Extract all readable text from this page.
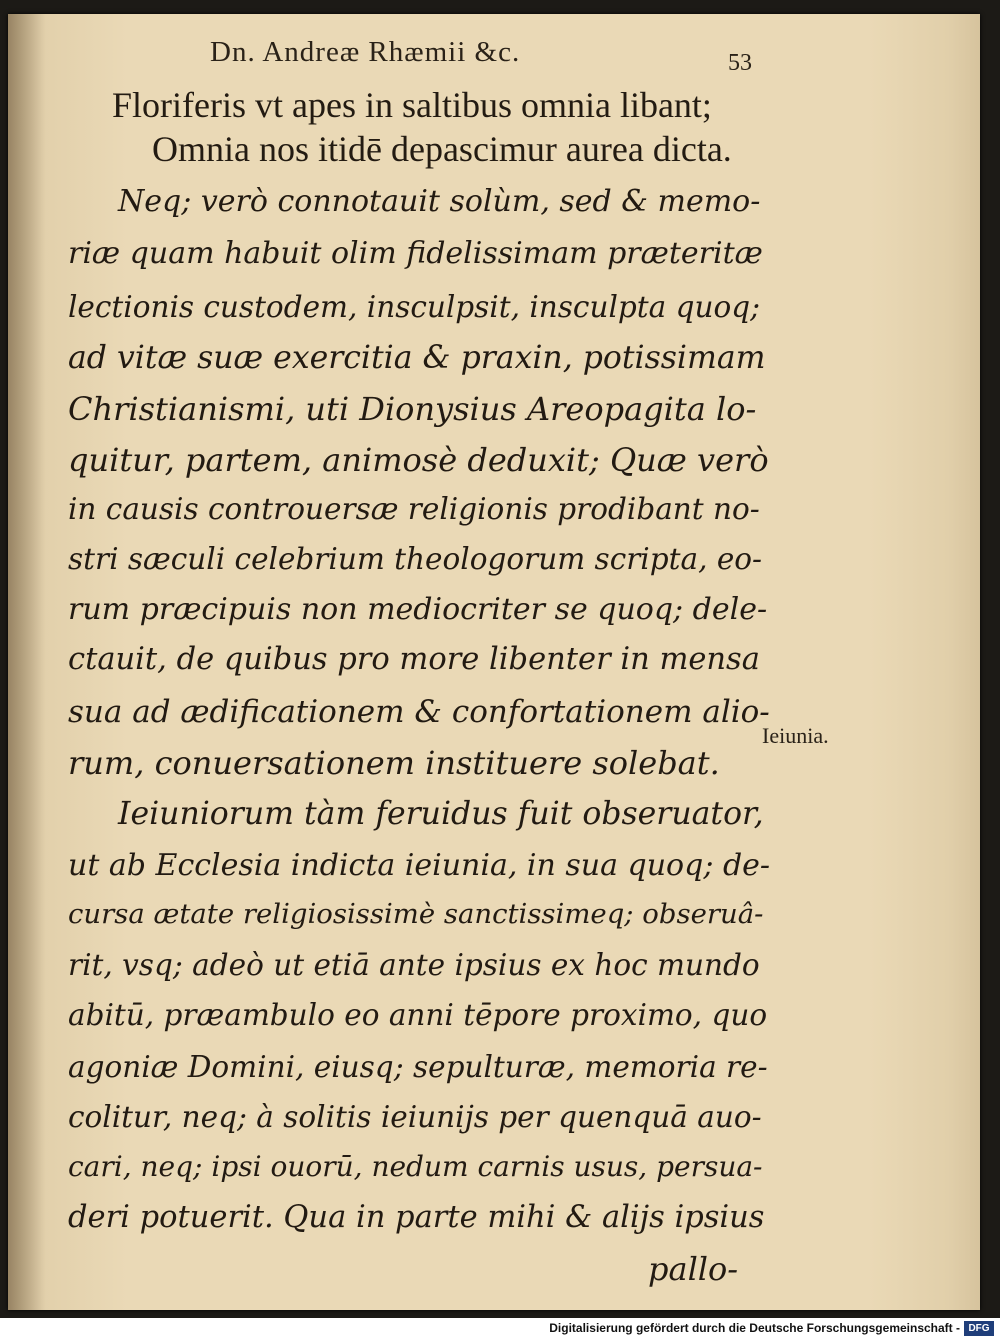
Dn. Andreæ Rhæmii &c.	53
Floriferis vt apes in saltibus omnia libant;
Omnia nos itidē depascimur aurea dicta.
Neq; verò connotauit solùm, sed & memo-
riæ quam habuit olim fidelissimam præteritæ
lectionis custodem, insculpsit, insculpta quoq;
ad vitæ suæ exercitia & praxin, potissimam
Christianismi, uti Dionysius Areopagita lo-
quitur, partem, animosè deduxit; Quæ verò
in causis controuersæ religionis prodibant no-
stri sæculi celebrium theologorum scripta, eo-
rum præcipuis non mediocriter se quoq; dele-
ctauit, de quibus pro more libenter in mensa
sua ad ædificationem & confortationem alio-
rum, conuersationem instituere solebat.
Ieiuniorum tàm feruidus fuit obseruator,
ut ab Ecclesia indicta ieiunia, in sua quoq; de-
cursa ætate religiosissimè sanctissimeq; obseruâ-
rit, vsq; adeò ut etiā ante ipsius ex hoc mundo
abitū, præambulo eo anni tēpore proximo, quo
agoniæ Domini, eiusq; sepulturæ, memoria re-
colitur, neq; à solitis ieiunijs per quenquā auo-
cari, neq; ipsi ouorū, nedum carnis usus, persua-
deri potuerit. Qua in parte mihi & alijs ipsius
pallo-
Ieiunia.
Digitalisierung gefördert durch die Deutsche Forschungsgemeinschaft - DFG
